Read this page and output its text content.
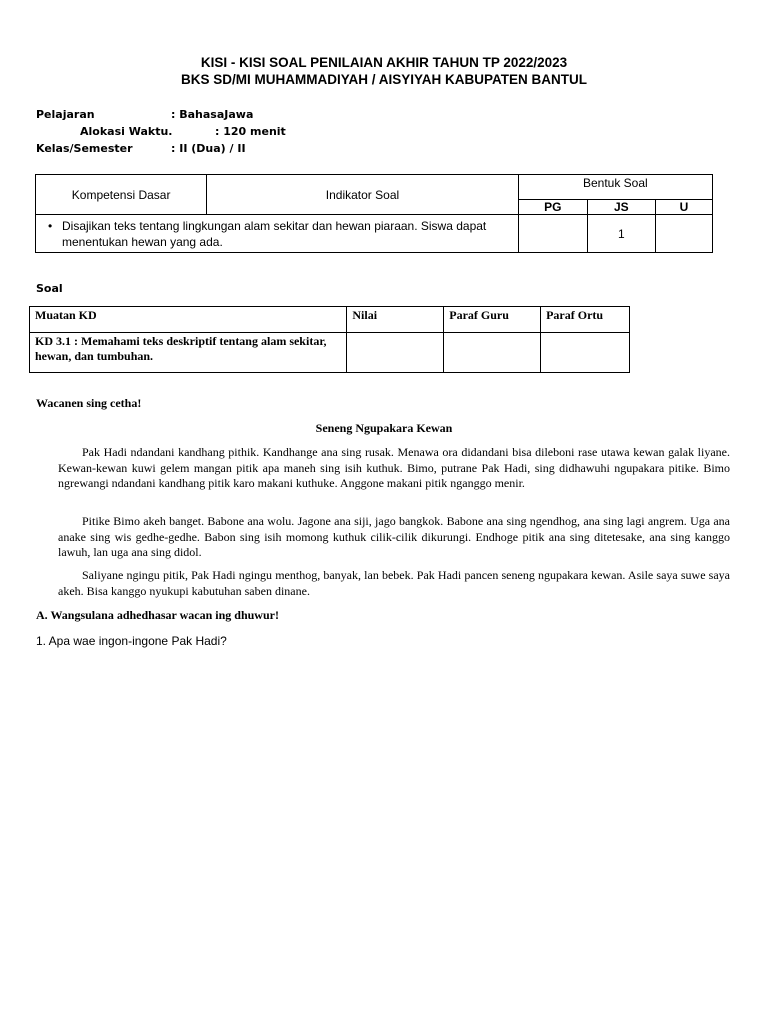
KISI - KISI SOAL PENILAIAN AKHIR TAHUN TP 2022/2023
BKS SD/MI MUHAMMADIYAH / AISYIYAH KABUPATEN BANTUL
Pelajaran	: BahasaJawa
Alokasi Waktu.	: 120 menit
Kelas/Semester	: II (Dua) / II
Kompetensi Dasar	Indikator Soal	Bentuk Soal		
		PG	JS	U

• Disajikan teks tentang lingkungan alam sekitar dan hewan piaraan. Siswa dapat menentukan hewan yang ada.			1	
Soal
Muatan KD	Nilai	Paraf Guru	Paraf Ortu
KD 3.1 : Memahami teks deskriptif tentang alam sekitar, hewan, dan tumbuhan.			
Wacanen sing cetha!
Seneng Ngupakara Kewan

Pak Hadi ndandani kandhang pithik. Kandhange ana sing rusak. Menawa ora didandani bisa dileboni rase utawa kewan galak liyane. Kewan-kewan kuwi gelem mangan pitik apa maneh sing isih kuthuk. Bimo, putrane Pak Hadi, sing didhawuhi ngupakara pitike. Bimo ngrewangi ndandani kandhang pitik karo makani kuthuke. Anggone makani pitik nganggo menir.

Pitike Bimo akeh banget. Babone ana wolu. Jagone ana siji, jago bangkok. Babone ana sing ngendhog, ana sing lagi angrem. Uga ana anake sing wis gedhe-gedhe. Babon sing isih momong kuthuk cilik-cilik dikurungi. Endhoge pitik ana sing ditetesake, ana sing kanggo lawuh, lan uga ana sing didol.

Saliyane ngingu pitik, Pak Hadi ngingu menthog, banyak, lan bebek. Pak Hadi pancen seneng ngupakara kewan. Asile saya suwe saya akeh. Bisa kanggo nyukupi kabutuhan saben dinane.

A. Wangsulana adhedhasar wacan ing dhuwur!
1. Apa wae ingon-ingone Pak Hadi?
